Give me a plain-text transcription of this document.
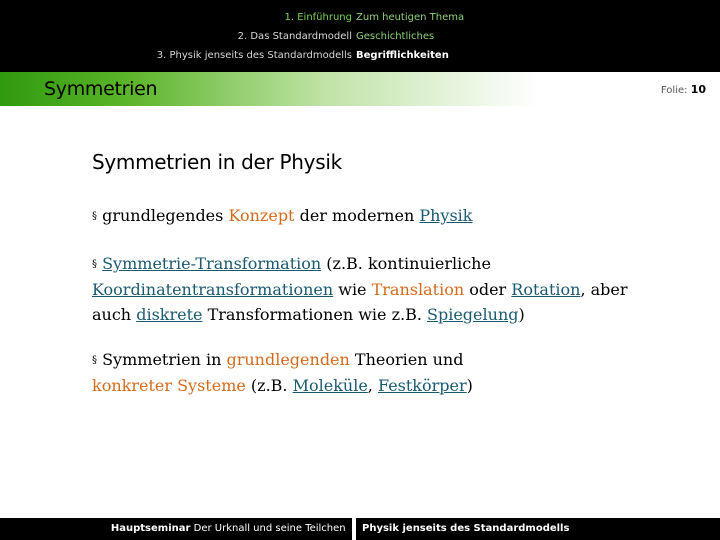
1. Einführung
2. Das Standardmodell
3. Physik jenseits des Standardmodells
Zum heutigen Thema
Geschichtliches
Begrifflichkeiten
Symmetrien	Folie: 10
Symmetrien in der Physik
§ grundlegendes Konzept der modernen Physik
§ Symmetrie-Transformation (z.B. kontinuierliche Koordinatentransformationen wie Translation oder Rotation, aber auch diskrete Transformationen wie z.B. Spiegelung)
§ Symmetrien in grundlegenden Theorien und
konkreter Systeme (z.B. Moleküle, Festkörper)
Hauptseminar Der Urknall und seine Teilchen	Physik jenseits des Standardmodells
